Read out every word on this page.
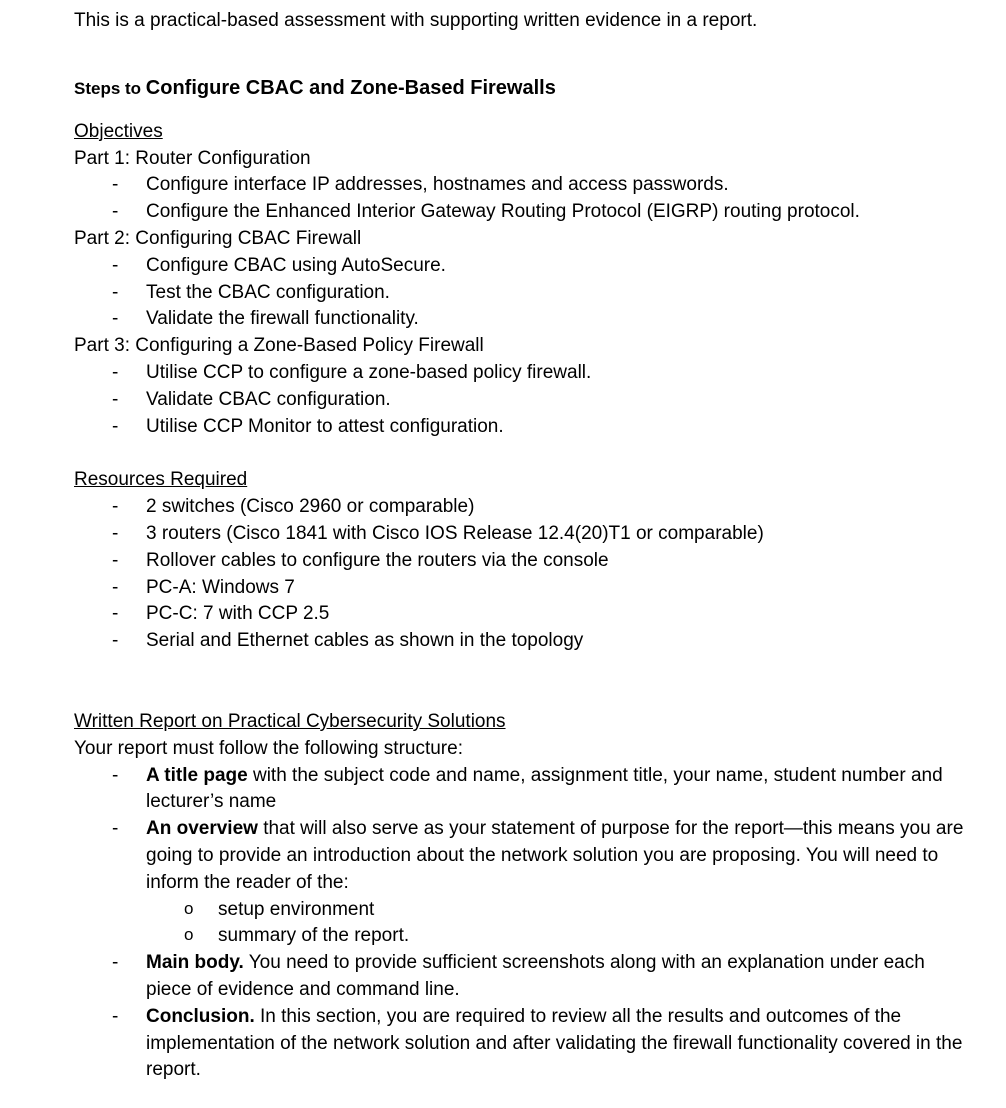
This is a practical-based assessment with supporting written evidence in a report.

Steps to Configure CBAC and Zone-Based Firewalls
Objectives
Part 1: Router Configuration
- Configure interface IP addresses, hostnames and access passwords.
- Configure the Enhanced Interior Gateway Routing Protocol (EIGRP) routing protocol.
Part 2: Configuring CBAC Firewall
- Configure CBAC using AutoSecure.
- Test the CBAC configuration.
- Validate the firewall functionality.
Part 3: Configuring a Zone-Based Policy Firewall
- Utilise CCP to configure a zone-based policy firewall.
- Validate CBAC configuration.
- Utilise CCP Monitor to attest configuration.
Resources Required
- 2 switches (Cisco 2960 or comparable)
- 3 routers (Cisco 1841 with Cisco IOS Release 12.4(20)T1 or comparable)
- Rollover cables to configure the routers via the console
- PC-A: Windows 7
- PC-C: 7 with CCP 2.5
- Serial and Ethernet cables as shown in the topology
Written Report on Practical Cybersecurity Solutions
Your report must follow the following structure:
- A title page with the subject code and name, assignment title, your name, student number and lecturer’s name
- An overview that will also serve as your statement of purpose for the report—this means you are going to provide an introduction about the network solution you are proposing. You will need to inform the reader of the:
o setup environment
o summary of the report.
- Main body. You need to provide sufficient screenshots along with an explanation under each piece of evidence and command line.
- Conclusion. In this section, you are required to review all the results and outcomes of the implementation of the network solution and after validating the firewall functionality covered in the report.
